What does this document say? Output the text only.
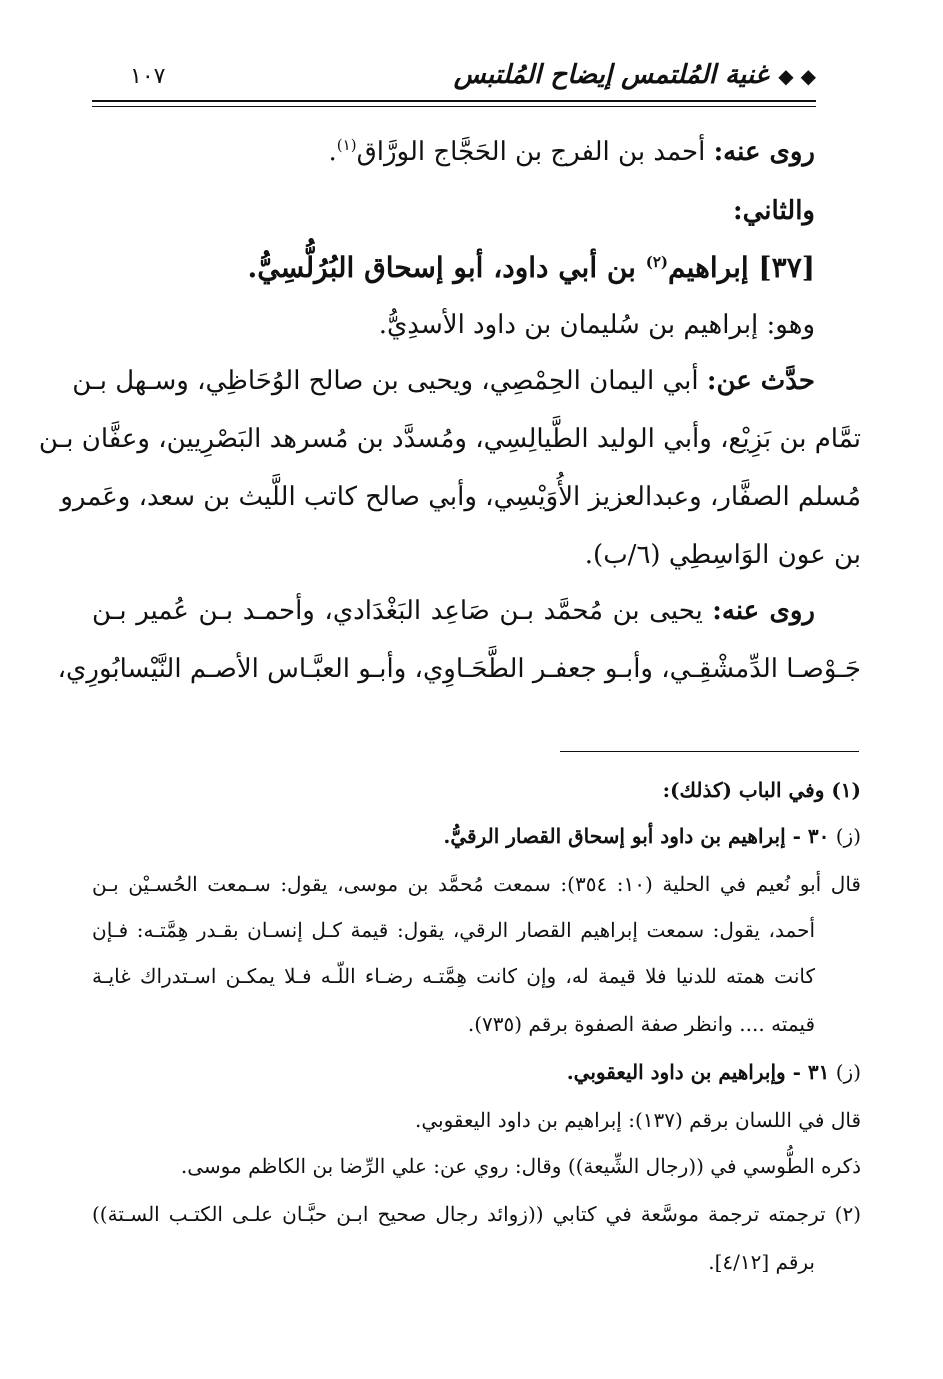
١٠٧	◆ ◆غنية المُلتمس إيضاح المُلتبس
روى عنه: أحمد بن الفرج بن الحَجَّاج الورَّاق$^{(١)}$.
والثاني:
[٣٧] إبراهيم$^{(٢)}$ بن أبي داود، أبو إسحاق البُرُلُّسِيُّ.
وهو: إبراهيم بن سُليمان بن داود الأسدِيُّ.
حدَّث عن: أبي اليمان الحِمْصِي، ويحيى بن صالح الوُحَاظِي، وسـهل بـن
تمَّام بن بَزِيْع، وأبي الوليد الطَّيالِسِي، ومُسدَّد بن مُسرهد البَصْرِيين، وعفَّان بـن
مُسلم الصفَّار، وعبدالعزيز الأُوَيْسِي، وأبي صالح كاتب اللَّيث بن سعد، وعَمرو
بن عون الوَاسِطِي (٦/ب).
روى عنه: يحيى بن مُحمَّد بـن صَاعِد البَغْدَادي، وأحمـد بـن عُمير بـن
جَـوْصـا الدِّمشْقِـي، وأبـو جعفـر الطَّحَـاوِي، وأبـو العبَّـاس الأصـم النَّيْسابُورِي،
(١) وفي الباب (كذلك):
(ز) ٣٠ - إبراهيم بن داود أبو إسحاق القصار الرقيُّ.
قال أبو نُعيم في الحلية (١٠: ٣٥٤): سمعت مُحمَّد بن موسى، يقول: سـمعت الحُسـيْن بـن
أحمد، يقول: سمعت إبراهيم القصار الرقي، يقول: قيمة كـل إنسـان بقـدر هِمَّتـه: فـإن
كانت همته للدنيا فلا قيمة له، وإن كانت هِمَّتـه رضـاء اللّـه فـلا يمكـن اسـتدراك غايـة
قيمته .... وانظر صفة الصفوة برقم (٧٣٥).
(ز) ٣١ - وإبراهيم بن داود اليعقوبي.
قال في اللسان برقم (١٣٧): إبراهيم بن داود اليعقوبي.
ذكره الطُّوسي في ((رجال الشِّيعة)) وقال: روي عن: علي الرِّضا بن الكاظم موسى.
(٢) ترجمته ترجمة موسَّعة في كتابي ((زوائد رجال صحيح ابـن حبَّـان علـى الكتـب السـتة))
برقم [٤/١٢].
